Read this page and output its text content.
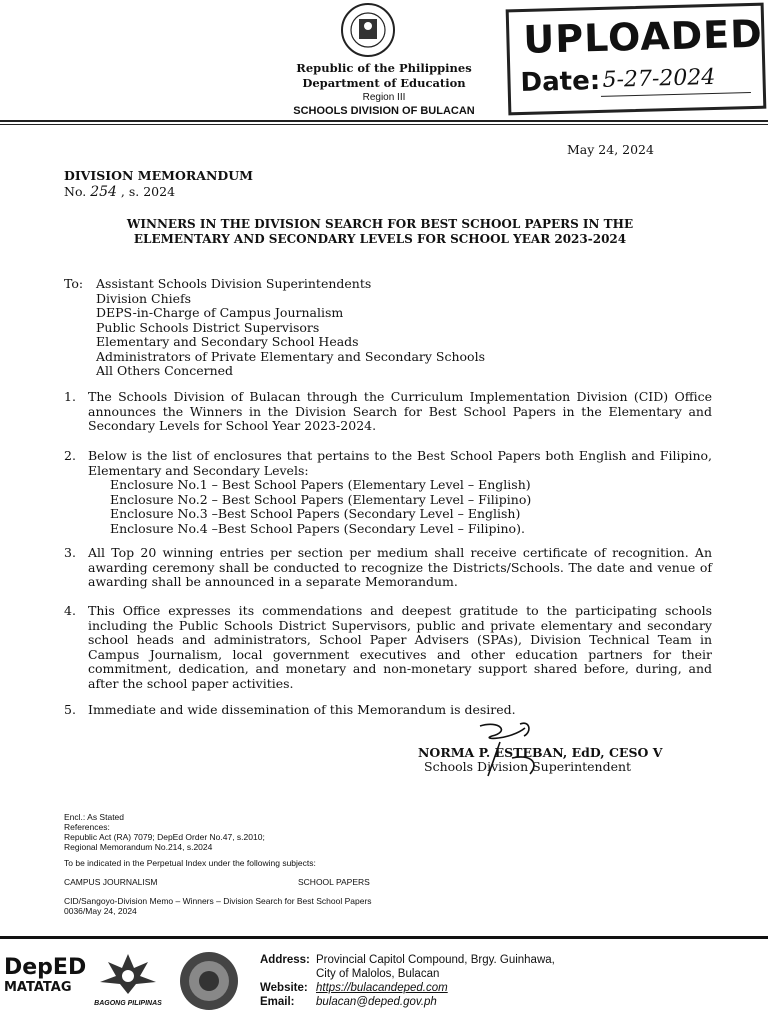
Republic of the Philippines
Department of Education
Region III
SCHOOLS DIVISION OF BULACAN
UPLOADED
Date: 5-27-2024
May 24, 2024
DIVISION MEMORANDUM
No. 254 , s. 2024
WINNERS IN THE DIVISION SEARCH FOR BEST SCHOOL PAPERS IN THE
ELEMENTARY AND SECONDARY LEVELS FOR SCHOOL YEAR 2023-2024
To: Assistant Schools Division Superintendents
Division Chiefs
DEPS-in-Charge of Campus Journalism
Public Schools District Supervisors
Elementary and Secondary School Heads
Administrators of Private Elementary and Secondary Schools
All Others Concerned
1. The Schools Division of Bulacan through the Curriculum Implementation Division (CID) Office announces the Winners in the Division Search for Best School Papers in the Elementary and Secondary Levels for School Year 2023-2024.
2. Below is the list of enclosures that pertains to the Best School Papers both English and Filipino, Elementary and Secondary Levels:
Enclosure No.1 – Best School Papers (Elementary Level – English)
Enclosure No.2 – Best School Papers (Elementary Level – Filipino)
Enclosure No.3 –Best School Papers (Secondary Level – English)
Enclosure No.4 –Best School Papers (Secondary Level – Filipino).
3. All Top 20 winning entries per section per medium shall receive certificate of recognition. An awarding ceremony shall be conducted to recognize the Districts/Schools. The date and venue of awarding shall be announced in a separate Memorandum.
4. This Office expresses its commendations and deepest gratitude to the participating schools including the Public Schools District Supervisors, public and private elementary and secondary school heads and administrators, School Paper Advisers (SPAs), Division Technical Team in Campus Journalism, local government executives and other education partners for their commitment, dedication, and monetary and non-monetary support shared before, during, and after the school paper activities.
5. Immediate and wide dissemination of this Memorandum is desired.
NORMA P. ESTEBAN, EdD, CESO V
Schools Division Superintendent
Encl.: As Stated
References:
Republic Act (RA) 7079; DepEd Order No.47, s.2010;
Regional Memorandum No.214, s.2024
To be indicated in the Perpetual Index under the following subjects:
CAMPUS JOURNALISM	SCHOOL PAPERS
CID/Sangoyo-Division Memo – Winners – Division Search for Best School Papers
0036/May 24, 2024
DepED
MATATAG
BAGONG PILIPINAS
Address: Provincial Capitol Compound, Brgy. Guinhawa,
City of Malolos, Bulacan
Website: https://bulacandeped.com
Email: bulacan@deped.gov.ph
